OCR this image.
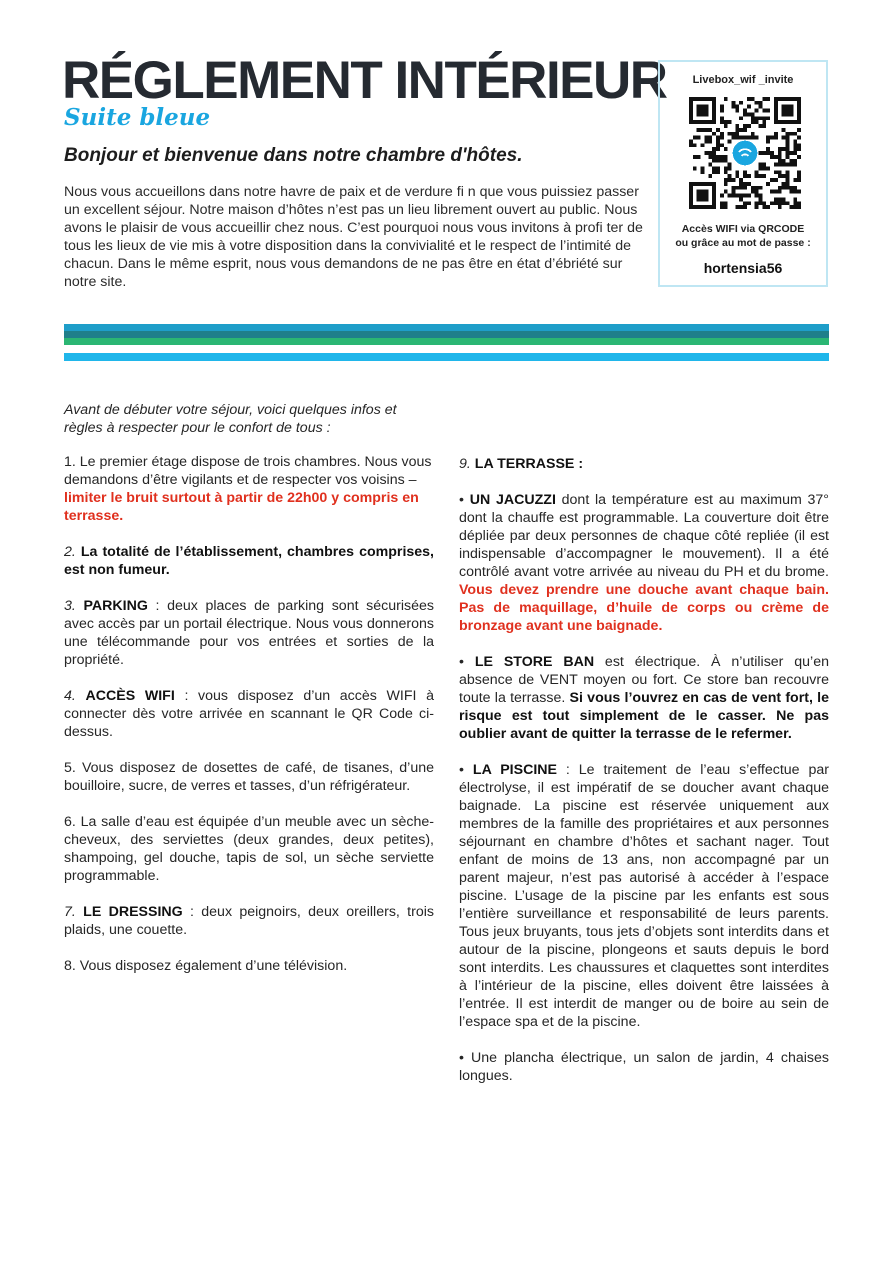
RÉGLEMENT INTÉRIEUR
Suite bleue
Bonjour et bienvenue dans notre chambre d'hôtes.

Nous vous accueillons dans notre havre de paix et de verdure fi n que vous puissiez passer un excellent séjour. Notre maison d’hôtes n’est pas un lieu librement ouvert au public. Nous avons le plaisir de vous accueillir chez nous. C’est pourquoi nous vous invitons à profi ter de tous les lieux de vie mis à votre disposition dans la convivialité et le respect de l’intimité de chacun. Dans le même esprit, nous vous demandons de ne pas être en état d’ébriété sur notre site.

Livebox_wif _invite
Accès WIFI via QRCODE
ou grâce au mot de passe :
hortensia56

Avant de débuter votre séjour, voici quelques infos et règles à respecter pour le confort de tous :

1. Le premier étage dispose de trois chambres. Nous vous demandons d’être vigilants et de respecter vos voisins – limiter le bruit surtout à partir de 22h00 y compris en terrasse.

2. La totalité de l’établissement, chambres comprises, est non fumeur.

3. PARKING : deux places de parking sont sécurisées avec accès par un portail électrique. Nous vous donnerons une télécommande pour vos entrées et sorties de la propriété.

4. ACCÈS WIFI : vous disposez d’un accès WIFI à connecter dès votre arrivée en scannant le QR Code ci-dessus.

5. Vous disposez de dosettes de café, de tisanes, d’une bouilloire, sucre, de verres et tasses, d’un réfrigérateur.

6. La salle d’eau est équipée d’un meuble avec un sèche-cheveux, des serviettes (deux grandes, deux petites), shampoing, gel douche, tapis de sol, un sèche serviette programmable.

7. LE DRESSING : deux peignoirs, deux oreillers, trois plaids, une couette.

8. Vous disposez également d’une télévision.

9. LA TERRASSE :

• UN JACUZZI dont la température est au maximum 37° dont la chauffe est programmable. La couverture doit être dépliée par deux personnes de chaque côté repliée (il est indispensable d’accompagner le mouvement). Il a été contrôlé avant votre arrivée au niveau du PH et du brome. Vous devez prendre une douche avant chaque bain. Pas de maquillage, d’huile de corps ou crème de bronzage avant une baignade.

• LE STORE BAN est électrique. À n’utiliser qu’en absence de VENT moyen ou fort. Ce store ban recouvre toute la terrasse. Si vous l’ouvrez en cas de vent fort, le risque est tout simplement de le casser. Ne pas oublier avant de quitter la terrasse de le refermer.

• LA PISCINE : Le traitement de l’eau s’effectue par électrolyse, il est impératif de se doucher avant chaque baignade. La piscine est réservée uniquement aux membres de la famille des propriétaires et aux personnes séjournant en chambre d’hôtes et sachant nager. Tout enfant de moins de 13 ans, non accompagné par un parent majeur, n’est pas autorisé à accéder à l’espace piscine. L’usage de la piscine par les enfants est sous l’entière surveillance et responsabilité de leurs parents. Tous jeux bruyants, tous jets d’objets sont interdits dans et autour de la piscine, plongeons et sauts depuis le bord sont interdits. Les chaussures et claquettes sont interdites à l’intérieur de la piscine, elles doivent être laissées à l’entrée. Il est interdit de manger ou de boire au sein de l’espace spa et de la piscine.

• Une plancha électrique, un salon de jardin, 4 chaises longues.
